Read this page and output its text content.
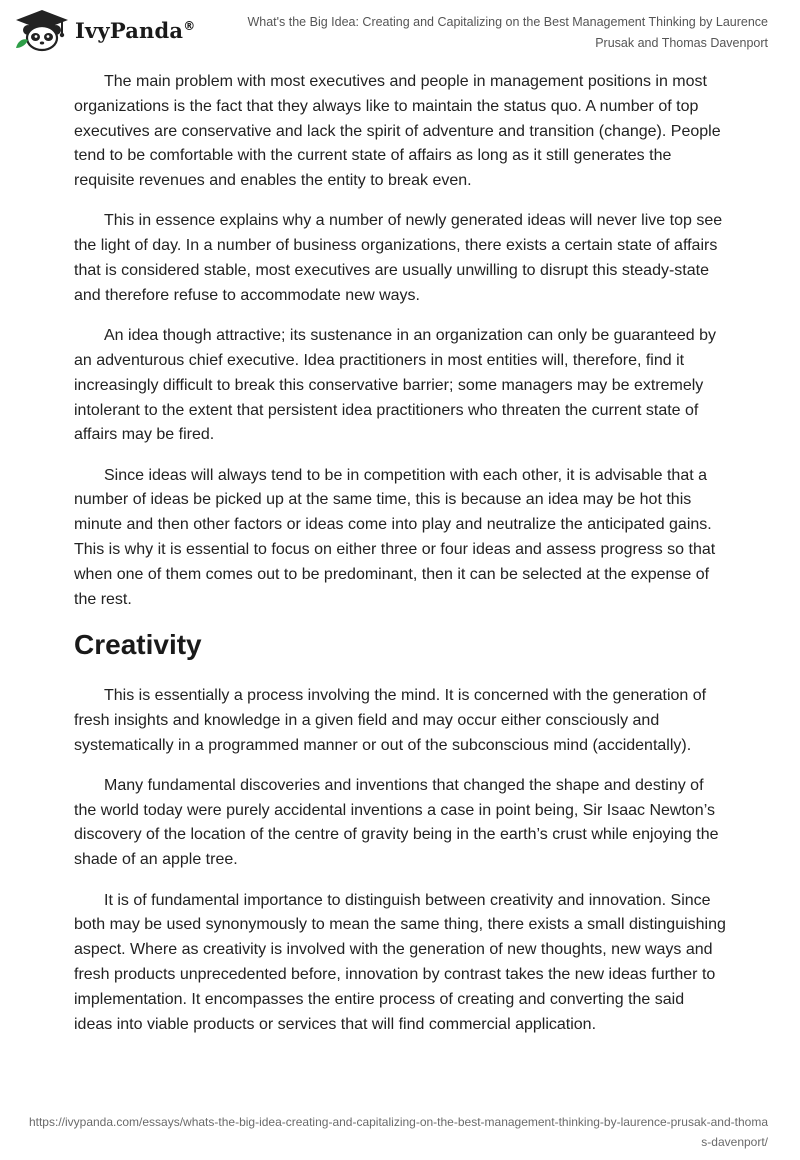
IvyPanda®	What's the Big Idea: Creating and Capitalizing on the Best Management Thinking by Laurence Prusak and Thomas Davenport

The main problem with most executives and people in management positions in most organizations is the fact that they always like to maintain the status quo. A number of top executives are conservative and lack the spirit of adventure and transition (change). People tend to be comfortable with the current state of affairs as long as it still generates the requisite revenues and enables the entity to break even.

This in essence explains why a number of newly generated ideas will never live top see the light of day. In a number of business organizations, there exists a certain state of affairs that is considered stable, most executives are usually unwilling to disrupt this steady-state and therefore refuse to accommodate new ways.

An idea though attractive; its sustenance in an organization can only be guaranteed by an adventurous chief executive. Idea practitioners in most entities will, therefore, find it increasingly difficult to break this conservative barrier; some managers may be extremely intolerant to the extent that persistent idea practitioners who threaten the current state of affairs may be fired.

Since ideas will always tend to be in competition with each other, it is advisable that a number of ideas be picked up at the same time, this is because an idea may be hot this minute and then other factors or ideas come into play and neutralize the anticipated gains. This is why it is essential to focus on either three or four ideas and assess progress so that when one of them comes out to be predominant, then it can be selected at the expense of the rest.

Creativity

This is essentially a process involving the mind. It is concerned with the generation of fresh insights and knowledge in a given field and may occur either consciously and systematically in a programmed manner or out of the subconscious mind (accidentally).

Many fundamental discoveries and inventions that changed the shape and destiny of the world today were purely accidental inventions a case in point being, Sir Isaac Newton’s discovery of the location of the centre of gravity being in the earth’s crust while enjoying the shade of an apple tree.

It is of fundamental importance to distinguish between creativity and innovation. Since both may be used synonymously to mean the same thing, there exists a small distinguishing aspect. Where as creativity is involved with the generation of new thoughts, new ways and fresh products unprecedented before, innovation by contrast takes the new ideas further to implementation. It encompasses the entire process of creating and converting the said ideas into viable products or services that will find commercial application.

https://ivypanda.com/essays/whats-the-big-idea-creating-and-capitalizing-on-the-best-management-thinking-by-laurence-prusak-and-thomas-davenport/
